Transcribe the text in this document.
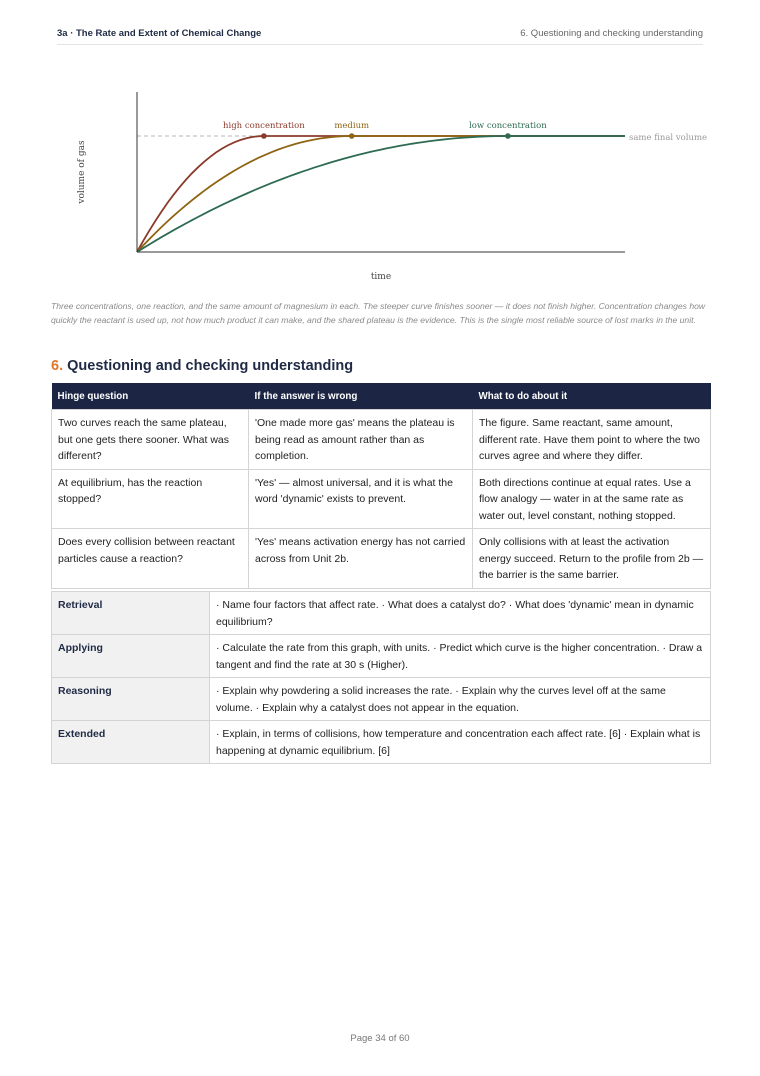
3a · The Rate and Extent of Chemical Change	6. Questioning and checking understanding
high concentration	medium	low concentration
same final volume
time
volume of gas
Three concentrations, one reaction, and the same amount of magnesium in each. The steeper curve finishes sooner — it does not finish higher. Concentration changes how quickly the reactant is used up, not how much product it can make, and the shared plateau is the evidence. This is the single most reliable source of lost marks in the unit.
6. Questioning and checking understanding
Hinge question	If the answer is wrong	What to do about it
Two curves reach the same plateau, but one gets there sooner. What was different?	'One made more gas' means the plateau is being read as amount rather than as completion.	The figure. Same reactant, same amount, different rate. Have them point to where the two curves agree and where they differ.
At equilibrium, has the reaction stopped?	'Yes' — almost universal, and it is what the word 'dynamic' exists to prevent.	Both directions continue at equal rates. Use a flow analogy — water in at the same rate as water out, level constant, nothing stopped.
Does every collision between reactant particles cause a reaction?	'Yes' means activation energy has not carried across from Unit 2b.	Only collisions with at least the activation energy succeed. Return to the profile from 2b — the barrier is the same barrier.
Retrieval	· Name four factors that affect rate. · What does a catalyst do? · What does 'dynamic' mean in dynamic equilibrium?
Applying	· Calculate the rate from this graph, with units. · Predict which curve is the higher concentration. · Draw a tangent and find the rate at 30 s (Higher).
Reasoning	· Explain why powdering a solid increases the rate. · Explain why the curves level off at the same volume. · Explain why a catalyst does not appear in the equation.
Extended	· Explain, in terms of collisions, how temperature and concentration each affect rate. [6] · Explain what is happening at dynamic equilibrium. [6]
Page 34 of 60
